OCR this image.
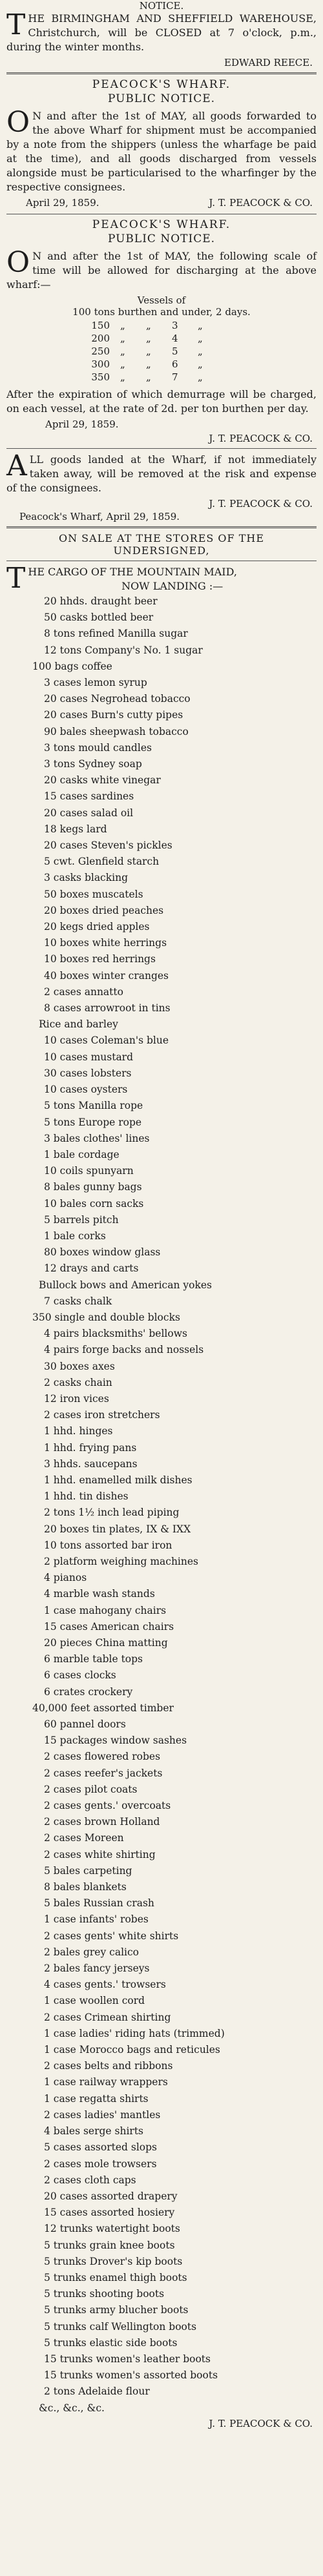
NOTICE.

THE BIRMINGHAM AND SHEFFIELD WAREHOUSE, Christchurch, will be CLOSED at 7 o'clock, p.m., during the winter months.

EDWARD REECE.
PEACOCK'S WHARF.
PUBLIC NOTICE.

O N and after the 1st of MAY, all goods forwarded to the above Wharf for shipment must be accompanied by a note from the shippers (unless the wharfage be paid at the time), and all goods discharged from vessels alongside must be particularised to the wharfinger by the respective consignees.

April 29, 1859.	J. T. PEACOCK & CO.
PEACOCK'S WHARF.
PUBLIC NOTICE.

O N and after the 1st of MAY, the following scale of time will be allowed for discharging at the above wharf:—

Vessels of
100 tons burthen and under, 2 days.
150	„	„	3	„
200	„	„	4	„
250	„	„	5	„
300	„	„	6	„
350	„	„	7	„

After the expiration of which demurrage will be charged, on each vessel, at the rate of 2d. per ton burthen per day.

April 29, 1859.
J. T. PEACOCK & CO.

ALL goods landed at the Wharf, if not immediately taken away, will be removed at the risk and expense of the consignees.

J. T. PEACOCK & CO.
Peacock's Wharf, April 29, 1859.
ON SALE AT THE STORES OF THE
UNDERSIGNED,
T HE CARGO OF THE MOUNTAIN MAID,
NOW LANDING :—
20 hhds. draught beer
50 casks bottled beer
8 tons refined Manilla sugar
12 tons Company's No. 1 sugar
100 bags coffee
3 cases lemon syrup
20 cases Negrohead tobacco
20 cases Burn's cutty pipes
90 bales sheepwash tobacco
3 tons mould candles
3 tons Sydney soap
20 casks white vinegar
15 cases sardines
20 cases salad oil
18 kegs lard
20 cases Steven's pickles
5 cwt. Glenfield starch
3 casks blacking
50 boxes muscatels
20 boxes dried peaches
20 kegs dried apples
10 boxes white herrings
10 boxes red herrings
40 boxes winter cranges
2 cases annatto
8 cases arrowroot in tins
Rice and barley
10 cases Coleman's blue
10 cases mustard
30 cases lobsters
10 cases oysters
5 tons Manilla rope
5 tons Europe rope
3 bales clothes' lines
1 bale cordage
10 coils spunyarn
8 bales gunny bags
10 bales corn sacks
5 barrels pitch
1 bale corks
80 boxes window glass
12 drays and carts
Bullock bows and American yokes
7 casks chalk
350 single and double blocks
4 pairs blacksmiths' bellows
4 pairs forge backs and nossels
30 boxes axes
2 casks chain
12 iron vices
2 cases iron stretchers
1 hhd. hinges
1 hhd. frying pans
3 hhds. saucepans
1 hhd. enamelled milk dishes
1 hhd. tin dishes
2 tons 1½ inch lead piping
20 boxes tin plates, IX & IXX
10 tons assorted bar iron
2 platform weighing machines
4 pianos
4 marble wash stands
1 case mahogany chairs
15 cases American chairs
20 pieces China matting
6 marble table tops
6 cases clocks
6 crates crockery
40,000 feet assorted timber
60 pannel doors
15 packages window sashes
2 cases flowered robes
2 cases reefer's jackets
2 cases pilot coats
2 cases gents.' overcoats
2 cases brown Holland
2 cases Moreen
2 cases white shirting
5 bales carpeting
8 bales blankets
5 bales Russian crash
1 case infants' robes
2 cases gents' white shirts
2 bales grey calico
2 bales fancy jerseys
4 cases gents.' trowsers
1 case woollen cord
2 cases Crimean shirting
1 case ladies' riding hats (trimmed)
1 case Morocco bags and reticules
2 cases belts and ribbons
1 case railway wrappers
1 case regatta shirts
2 cases ladies' mantles
4 bales serge shirts
5 cases assorted slops
2 cases mole trowsers
2 cases cloth caps
20 cases assorted drapery
15 cases assorted hosiery
12 trunks watertight boots
5 trunks grain knee boots
5 trunks Drover's kip boots
5 trunks enamel thigh boots
5 trunks shooting boots
5 trunks army blucher boots
5 trunks calf Wellington boots
5 trunks elastic side boots
15 trunks women's leather boots
15 trunks women's assorted boots
2 tons Adelaide flour
&c., &c., &c.
J. T. PEACOCK & CO.
